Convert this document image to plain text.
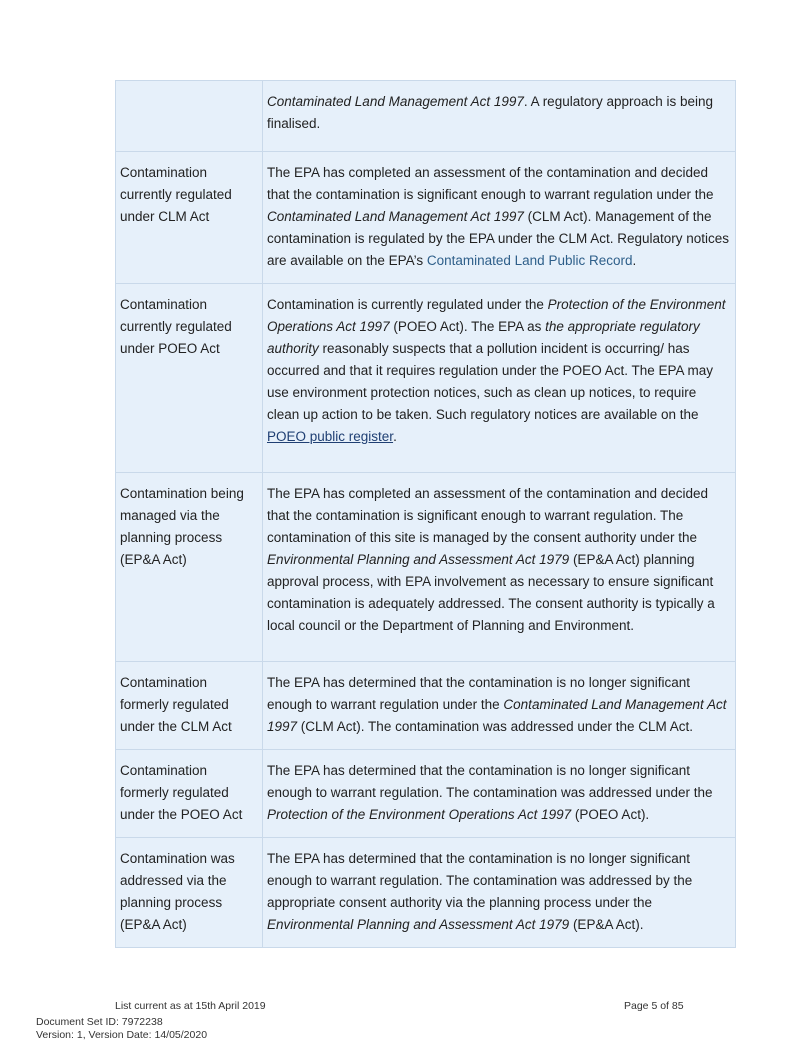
	Contaminated Land Management Act 1997. A regulatory approach is being finalised.
Contamination currently regulated under CLM Act	The EPA has completed an assessment of the contamination and decided that the contamination is significant enough to warrant regulation under the Contaminated Land Management Act 1997 (CLM Act). Management of the contamination is regulated by the EPA under the CLM Act. Regulatory notices are available on the EPA’s Contaminated Land Public Record.
Contamination currently regulated under POEO Act	Contamination is currently regulated under the Protection of the Environment Operations Act 1997 (POEO Act). The EPA as the appropriate regulatory authority reasonably suspects that a pollution incident is occurring/ has occurred and that it requires regulation under the POEO Act. The EPA may use environment protection notices, such as clean up notices, to require clean up action to be taken. Such regulatory notices are available on the POEO public register.
Contamination being managed via the planning process (EP&A Act)	The EPA has completed an assessment of the contamination and decided that the contamination is significant enough to warrant regulation. The contamination of this site is managed by the consent authority under the Environmental Planning and Assessment Act 1979 (EP&A Act) planning approval process, with EPA involvement as necessary to ensure significant contamination is adequately addressed. The consent authority is typically a local council or the Department of Planning and Environment.
Contamination formerly regulated under the CLM Act	The EPA has determined that the contamination is no longer significant enough to warrant regulation under the Contaminated Land Management Act 1997 (CLM Act). The contamination was addressed under the CLM Act.
Contamination formerly regulated under the POEO Act	The EPA has determined that the contamination is no longer significant enough to warrant regulation. The contamination was addressed under the Protection of the Environment Operations Act 1997 (POEO Act).
Contamination was addressed via the planning process (EP&A Act)	The EPA has determined that the contamination is no longer significant enough to warrant regulation. The contamination was addressed by the appropriate consent authority via the planning process under the Environmental Planning and Assessment Act 1979 (EP&A Act).
List current as at 15th April 2019	Page 5 of 85
Document Set ID: 7972238
Version: 1, Version Date: 14/05/2020
